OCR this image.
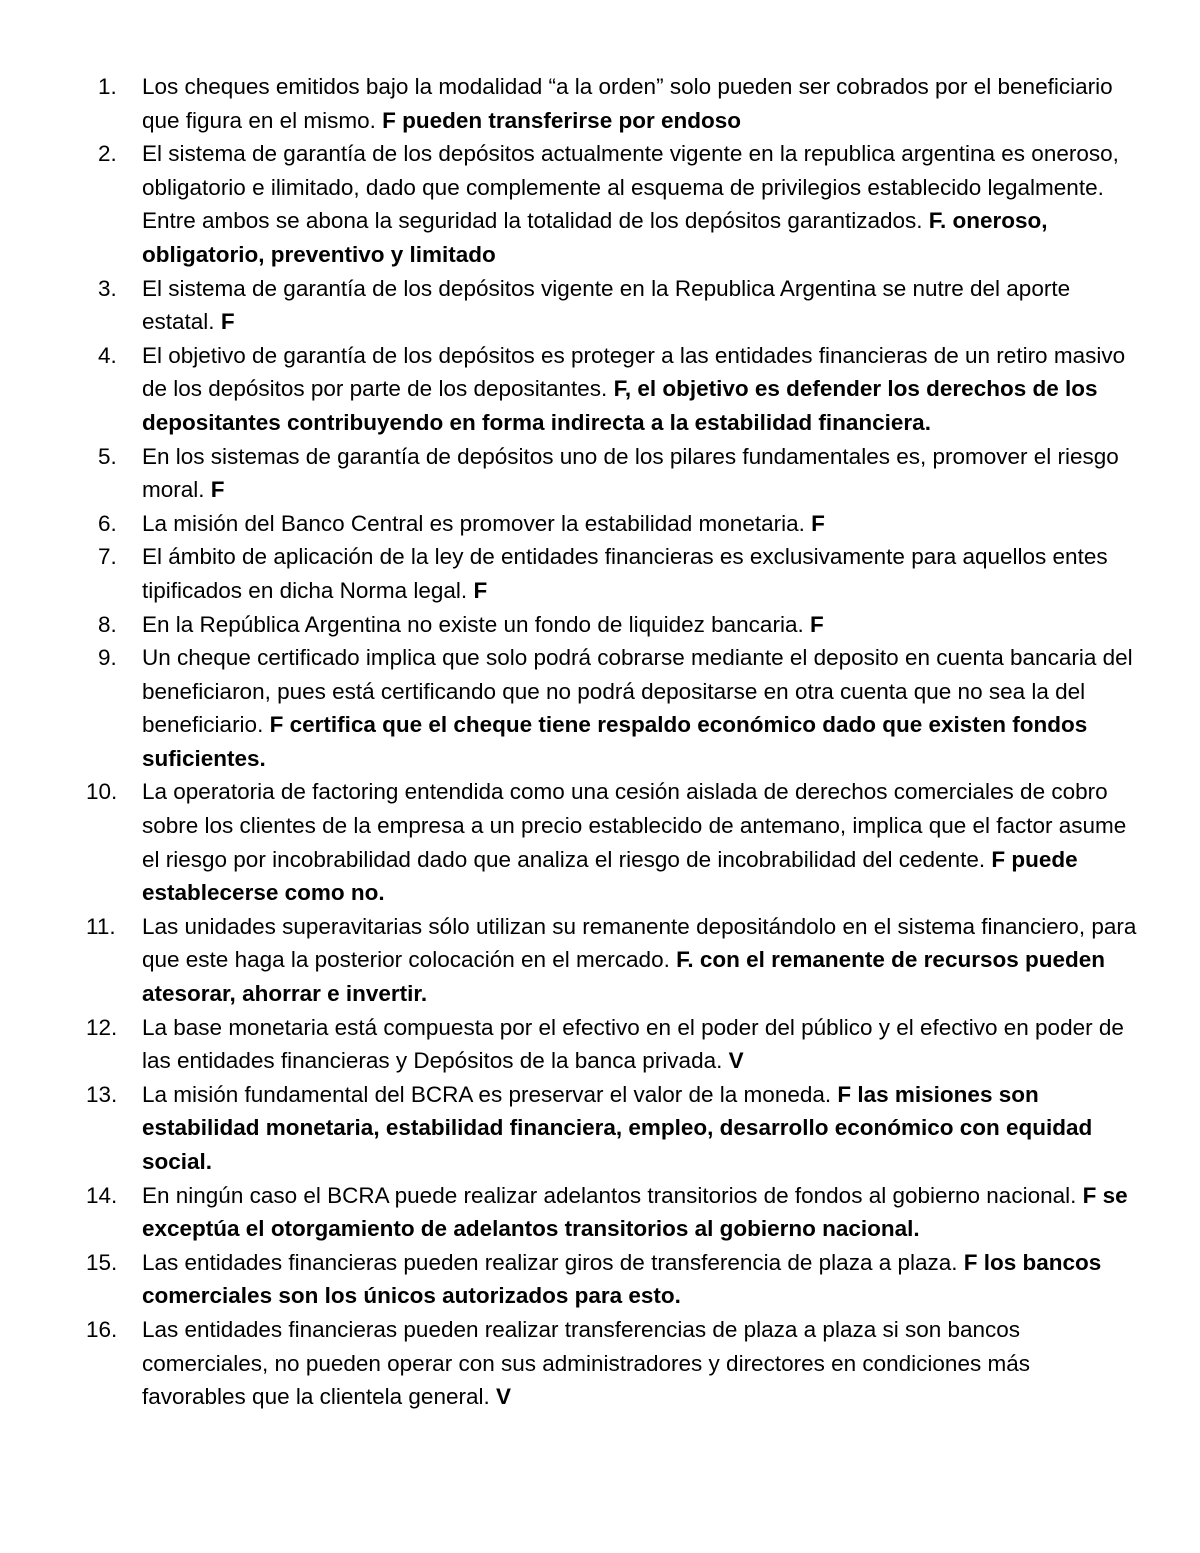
1.	Los cheques emitidos bajo la modalidad “a la orden” solo pueden ser cobrados por el beneficiario que figura en el mismo. F pueden transferirse por endoso
2.	El sistema de garantía de los depósitos actualmente vigente en la republica argentina es oneroso, obligatorio e ilimitado, dado que complemente al esquema de privilegios establecido legalmente. Entre ambos se abona la seguridad la totalidad de los depósitos garantizados. F. oneroso, obligatorio, preventivo y limitado
3.	El sistema de garantía de los depósitos vigente en la Republica Argentina se nutre del aporte estatal. F
4.	El objetivo de garantía de los depósitos es proteger a las entidades financieras de un retiro masivo de los depósitos por parte de los depositantes. F, el objetivo es defender los derechos de los depositantes contribuyendo en forma indirecta a la estabilidad financiera.
5.	En los sistemas de garantía de depósitos uno de los pilares fundamentales es, promover el riesgo moral. F
6.	La misión del Banco Central es promover la estabilidad monetaria. F
7.	El ámbito de aplicación de la ley de entidades financieras es exclusivamente para aquellos entes tipificados en dicha Norma legal. F
8.	En la República Argentina no existe un fondo de liquidez bancaria. F
9.	Un cheque certificado implica que solo podrá cobrarse mediante el deposito en cuenta bancaria del beneficiaron, pues está certificando que no podrá depositarse en otra cuenta que no sea la del beneficiario. F certifica que el cheque tiene respaldo económico dado que existen fondos suficientes.
10.	La operatoria de factoring entendida como una cesión aislada de derechos comerciales de cobro sobre los clientes de la empresa a un precio establecido de antemano, implica que el factor asume el riesgo por incobrabilidad dado que analiza el riesgo de incobrabilidad del cedente. F puede establecerse como no.
11.	Las unidades superavitarias sólo utilizan su remanente depositándolo en el sistema financiero, para que este haga la posterior colocación en el mercado. F. con el remanente de recursos pueden atesorar, ahorrar e invertir.
12.	La base monetaria está compuesta por el efectivo en el poder del público y el efectivo en poder de las entidades financieras y Depósitos de la banca privada. V
13.	La misión fundamental del BCRA es preservar el valor de la moneda. F las misiones son estabilidad monetaria, estabilidad financiera, empleo, desarrollo económico con equidad social.
14.	En ningún caso el BCRA puede realizar adelantos transitorios de fondos al gobierno nacional. F se exceptúa el otorgamiento de adelantos transitorios al gobierno nacional.
15.	Las entidades financieras pueden realizar giros de transferencia de plaza a plaza. F los bancos comerciales son los únicos autorizados para esto.
16.	Las entidades financieras pueden realizar transferencias de plaza a plaza si son bancos comerciales, no pueden operar con sus administradores y directores en condiciones más favorables que la clientela general. V
